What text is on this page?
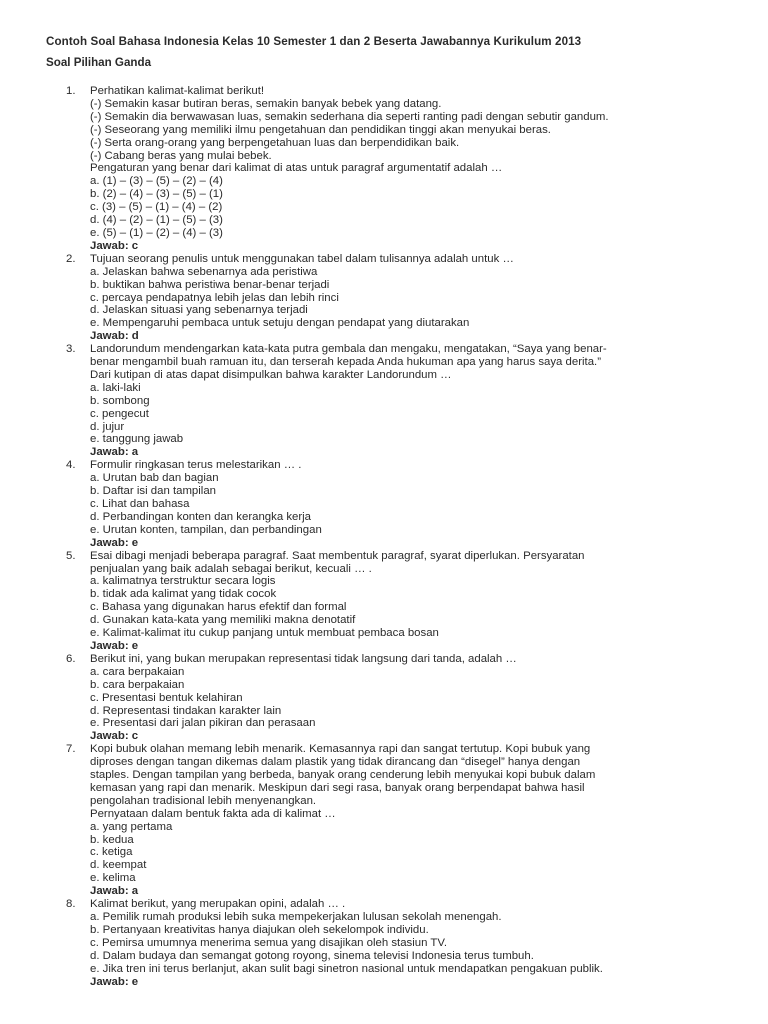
Contoh Soal Bahasa Indonesia Kelas 10 Semester 1 dan 2 Beserta Jawabannya Kurikulum 2013
Soal Pilihan Ganda
1. Perhatikan kalimat-kalimat berikut!
(-) Semakin kasar butiran beras, semakin banyak bebek yang datang.
(-) Semakin dia berwawasan luas, semakin sederhana dia seperti ranting padi dengan sebutir gandum.
(-) Seseorang yang memiliki ilmu pengetahuan dan pendidikan tinggi akan menyukai beras.
(-) Serta orang-orang yang berpengetahuan luas dan berpendidikan baik.
(-) Cabang beras yang mulai bebek.
Pengaturan yang benar dari kalimat di atas untuk paragraf argumentatif adalah …
a. (1) – (3) – (5) – (2) – (4)
b. (2) – (4) – (3) – (5) – (1)
c. (3) – (5) – (1) – (4) – (2)
d. (4) – (2) – (1) – (5) – (3)
e. (5) – (1) – (2) – (4) – (3)
Jawab: c
2. Tujuan seorang penulis untuk menggunakan tabel dalam tulisannya adalah untuk …
a. Jelaskan bahwa sebenarnya ada peristiwa
b. buktikan bahwa peristiwa benar-benar terjadi
c. percaya pendapatnya lebih jelas dan lebih rinci
d. Jelaskan situasi yang sebenarnya terjadi
e. Mempengaruhi pembaca untuk setuju dengan pendapat yang diutarakan
Jawab: d
3. Landorundum mendengarkan kata-kata putra gembala dan mengaku, mengatakan, “Saya yang benar-
benar mengambil buah ramuan itu, dan terserah kepada Anda hukuman apa yang harus saya derita.”
Dari kutipan di atas dapat disimpulkan bahwa karakter Landorundum …
a. laki-laki
b. sombong
c. pengecut
d. jujur
e. tanggung jawab
Jawab: a
4. Formulir ringkasan terus melestarikan … .
a. Urutan bab dan bagian
b. Daftar isi dan tampilan
c. Lihat dan bahasa
d. Perbandingan konten dan kerangka kerja
e. Urutan konten, tampilan, dan perbandingan
Jawab: e
5. Esai dibagi menjadi beberapa paragraf. Saat membentuk paragraf, syarat diperlukan. Persyaratan
penjualan yang baik adalah sebagai berikut, kecuali … .
a. kalimatnya terstruktur secara logis
b. tidak ada kalimat yang tidak cocok
c. Bahasa yang digunakan harus efektif dan formal
d. Gunakan kata-kata yang memiliki makna denotatif
e. Kalimat-kalimat itu cukup panjang untuk membuat pembaca bosan
Jawab: e
6. Berikut ini, yang bukan merupakan representasi tidak langsung dari tanda, adalah …
a. cara berpakaian
b. cara berpakaian
c. Presentasi bentuk kelahiran
d. Representasi tindakan karakter lain
e. Presentasi dari jalan pikiran dan perasaan
Jawab: c
7. Kopi bubuk olahan memang lebih menarik. Kemasannya rapi dan sangat tertutup. Kopi bubuk yang
diproses dengan tangan dikemas dalam plastik yang tidak dirancang dan “disegel” hanya dengan
staples. Dengan tampilan yang berbeda, banyak orang cenderung lebih menyukai kopi bubuk dalam
kemasan yang rapi dan menarik. Meskipun dari segi rasa, banyak orang berpendapat bahwa hasil
pengolahan tradisional lebih menyenangkan.
Pernyataan dalam bentuk fakta ada di kalimat …
a. yang pertama
b. kedua
c. ketiga
d. keempat
e. kelima
Jawab: a
8. Kalimat berikut, yang merupakan opini, adalah … .
a. Pemilik rumah produksi lebih suka mempekerjakan lulusan sekolah menengah.
b. Pertanyaan kreativitas hanya diajukan oleh sekelompok individu.
c. Pemirsa umumnya menerima semua yang disajikan oleh stasiun TV.
d. Dalam budaya dan semangat gotong royong, sinema televisi Indonesia terus tumbuh.
e. Jika tren ini terus berlanjut, akan sulit bagi sinetron nasional untuk mendapatkan pengakuan publik.
Jawab: e
